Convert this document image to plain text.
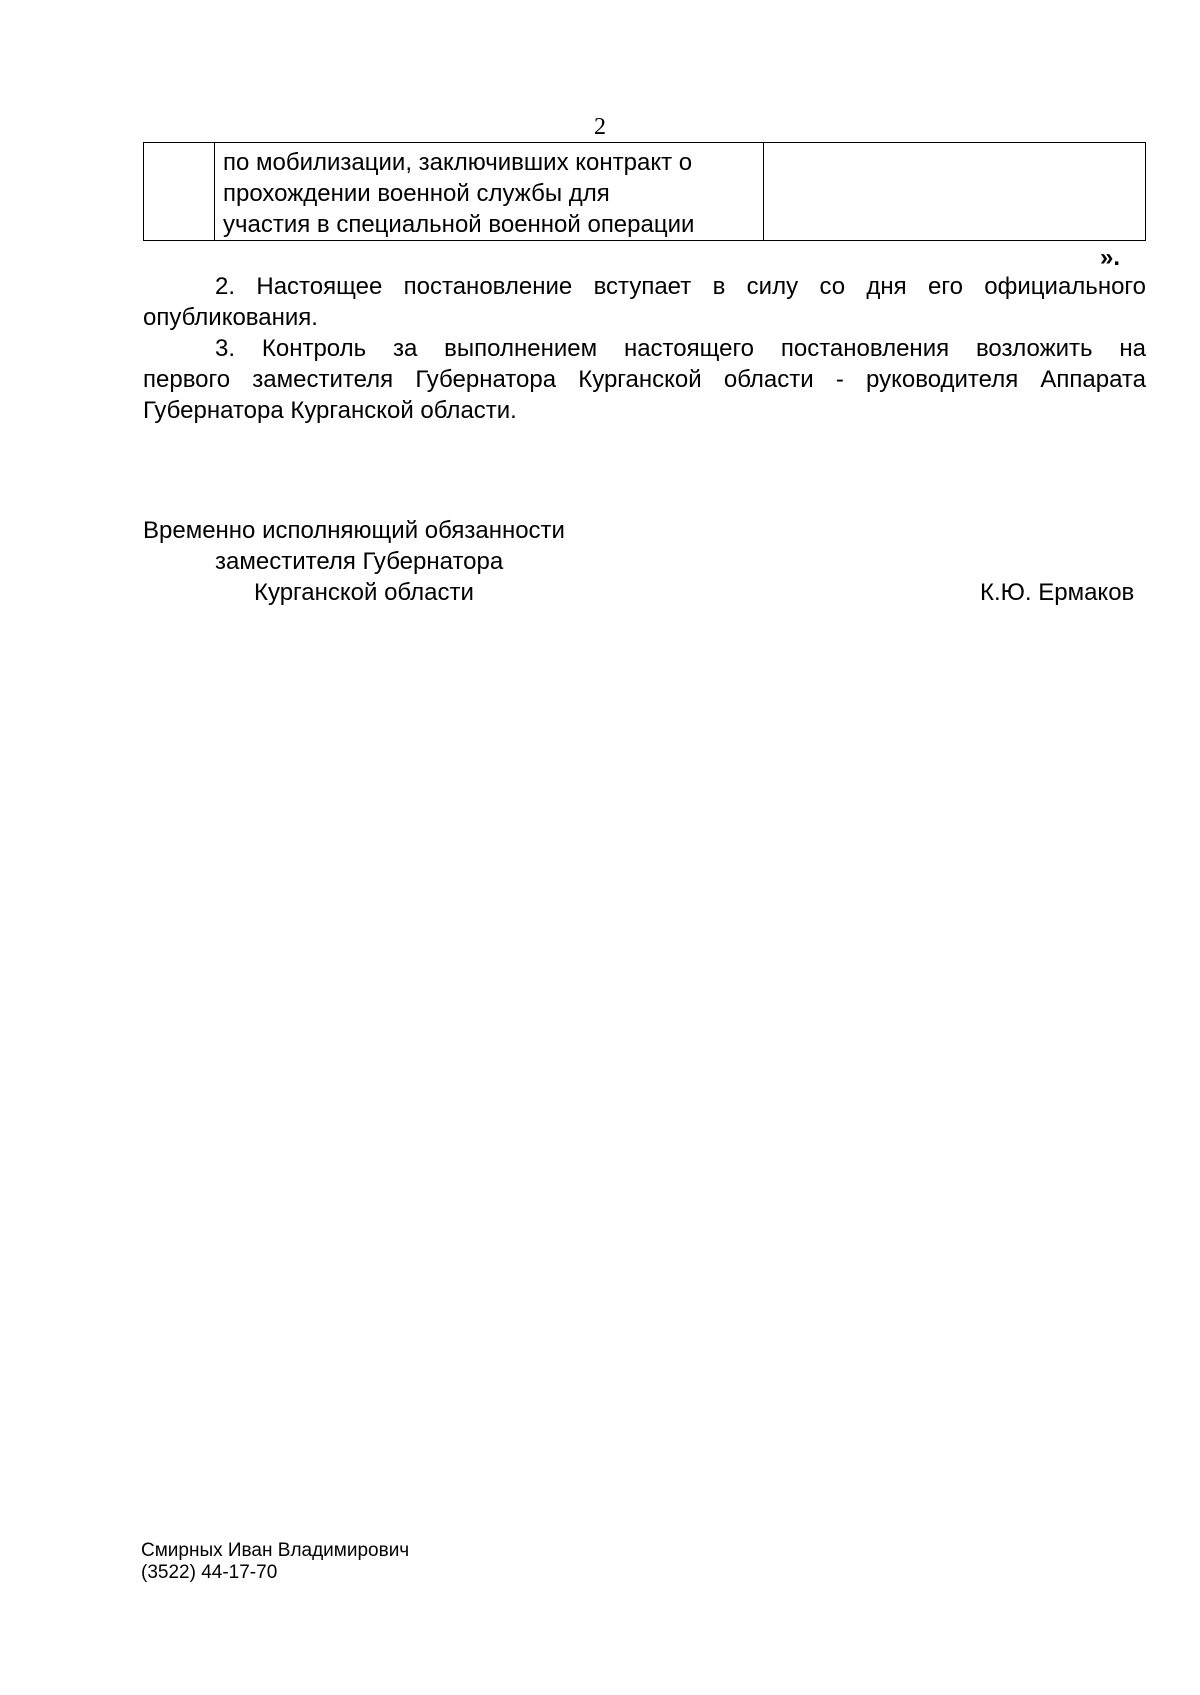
2

по мобилизации, заключивших контракт о
прохождении военной службы для
участия в специальной военной операции

».
2. Настоящее постановление вступает в силу со дня его официального
опубликования.
3. Контроль за выполнением настоящего постановления возложить на
первого заместителя Губернатора Курганской области - руководителя Аппарата
Губернатора Курганской области.
Временно исполняющий обязанности
заместителя Губернатора
Курганской области	К.Ю. Ермаков
Смирных Иван Владимирович
(3522) 44-17-70
